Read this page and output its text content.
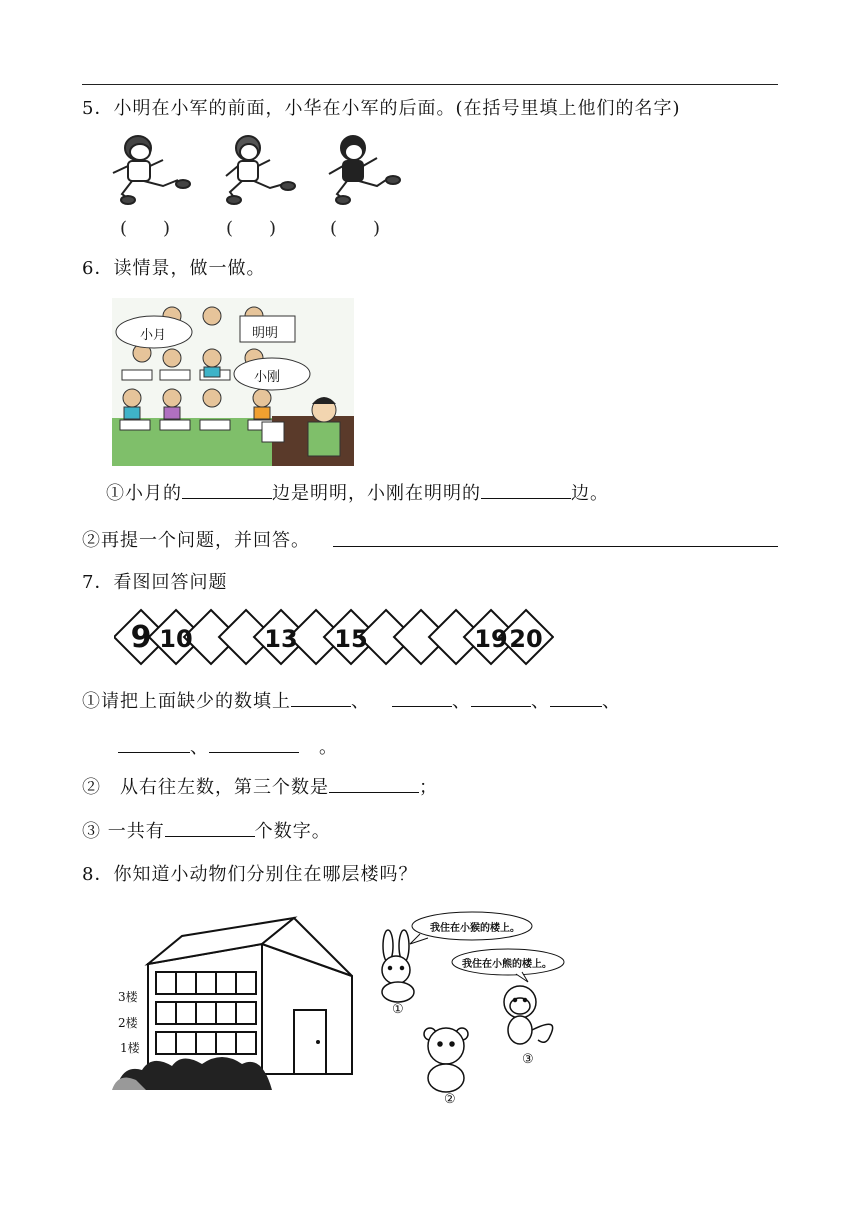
5．小明在小军的前面，小华在小军的后面。(在括号里填上他们的名字)
(　　)	(　　)	(　　)
6．读情景，做一做。
小月	明明
小刚
①小月的	边是明明，小刚在明明的	边。
②再提一个问题，并回答。
7．看图回答问题
9 10	13 15	19 20
①请把上面缺少的数填上	、	、	、	、
、	。
②　从右往左数，第三个数是	；
③ 一共有	个数字。
8．你知道小动物们分别住在哪层楼吗？
3楼
2楼
1楼
我住在小猴的楼上。
我住在小熊的楼上。
①
②
③
